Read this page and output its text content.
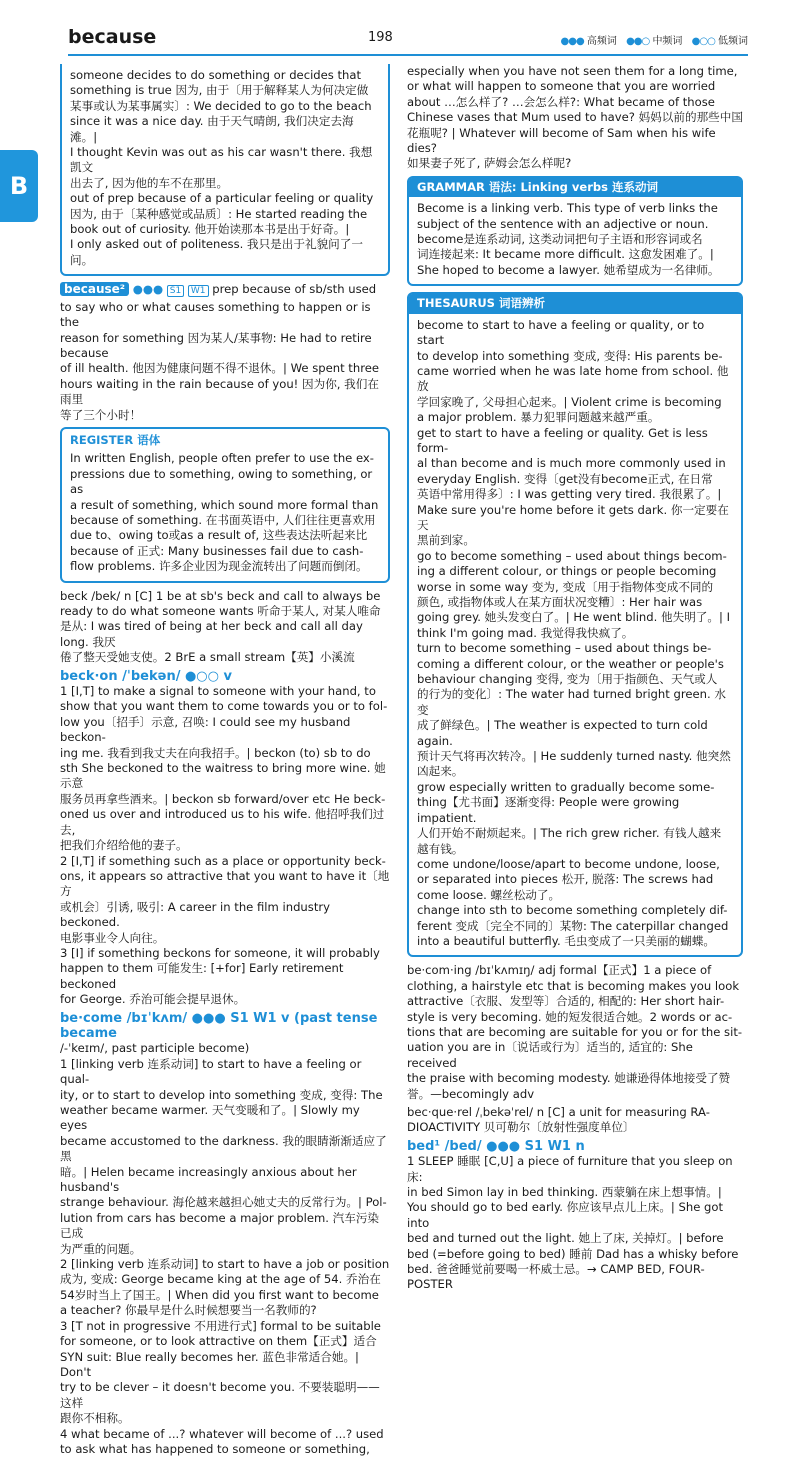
because	198	●●● 高频词 ●●○ 中频词 ●○○ 低频词
B
someone decides to do something or decides that
something is true 因为, 由于〔用于解释某人为何决定做
某事或认为某事属实〕: We decided to go to the beach
since it was a nice day. 由于天气晴朗, 我们决定去海滩。|
I thought Kevin was out as his car wasn't there. 我想凯文
出去了, 因为他的车不在那里。
out of prep because of a particular feeling or quality
因为, 由于〔某种感觉或品质〕: He started reading the
book out of curiosity. 他开始读那本书是出于好奇。|
I only asked out of politeness. 我只是出于礼貌问了一问。
because² ●●● S1 W1 prep because of sb/sth used
to say who or what causes something to happen or is the
reason for something 因为某人/某事物: He had to retire because
of ill health. 他因为健康问题不得不退休。| We spent three
hours waiting in the rain because of you! 因为你, 我们在雨里
等了三个小时！
REGISTER 语体
In written English, people often prefer to use the ex-
pressions due to something, owing to something, or as
a result of something, which sound more formal than
because of something. 在书面英语中, 人们往往更喜欢用
due to、owing to或as a result of, 这些表达法听起来比
because of 正式: Many businesses fail due to cash-
flow problems. 许多企业因为现金流转出了问题而倒闭。
beck /bek/ n [C] 1 be at sb's beck and call to always be
ready to do what someone wants 听命于某人, 对某人唯命
是从: I was tired of being at her beck and call all day long. 我厌
倦了整天受她支使。2 BrE a small stream【英】小溪流
beck·on /ˈbekən/ ●○○ v
1 [I,T] to make a signal to someone with your hand, to
show that you want them to come towards you or to fol-
low you〔招手〕示意, 召唤: I could see my husband beckon-
ing me. 我看到我丈夫在向我招手。| beckon (to) sb to do
sth She beckoned to the waitress to bring more wine. 她示意
服务员再拿些酒来。| beckon sb forward/over etc He beck-
oned us over and introduced us to his wife. 他招呼我们过去,
把我们介绍给他的妻子。
2 [I,T] if something such as a place or opportunity beck-
ons, it appears so attractive that you want to have it〔地方
或机会〕引诱, 吸引: A career in the film industry beckoned.
电影事业令人向往。
3 [I] if something beckons for someone, it will probably
happen to them 可能发生: [+for] Early retirement beckoned
for George. 乔治可能会提早退休。
be·come /bɪˈkʌm/ ●●● S1 W1 v (past tense became
/-ˈkeɪm/, past participle become)
1 [linking verb 连系动词] to start to have a feeling or qual-
ity, or to start to develop into something 变成, 变得: The
weather became warmer. 天气变暖和了。| Slowly my eyes
became accustomed to the darkness. 我的眼睛渐渐适应了黑
暗。| Helen became increasingly anxious about her husband's
strange behaviour. 海伦越来越担心她丈夫的反常行为。| Pol-
lution from cars has become a major problem. 汽车污染已成
为严重的问题。
2 [linking verb 连系动词] to start to have a job or position
成为, 变成: George became king at the age of 54. 乔治在
54岁时当上了国王。| When did you first want to become
a teacher? 你最早是什么时候想要当一名教师的?
3 [T not in progressive 不用进行式] formal to be suitable
for someone, or to look attractive on them【正式】适合
SYN suit: Blue really becomes her. 蓝色非常适合她。| Don't
try to be clever – it doesn't become you. 不要装聪明——这样
跟你不相称。
4 what became of ...? whatever will become of ...? used
to ask what has happened to someone or something,
especially when you have not seen them for a long time,
or what will happen to someone that you are worried
about …怎么样了? …会怎么样?: What became of those
Chinese vases that Mum used to have? 妈妈以前的那些中国
花瓶呢? | Whatever will become of Sam when his wife dies?
如果妻子死了, 萨姆会怎么样呢?
GRAMMAR 语法: Linking verbs 连系动词
Become is a linking verb. This type of verb links the
subject of the sentence with an adjective or noun.
become是连系动词, 这类动词把句子主语和形容词或名
词连接起来: It became more difficult. 这愈发困难了。|
She hoped to become a lawyer. 她希望成为一名律师。
THESAURUS 词语辨析
become to start to have a feeling or quality, or to start
to develop into something 变成, 变得: His parents be-
came worried when he was late home from school. 他放
学回家晚了, 父母担心起来。| Violent crime is becoming
a major problem. 暴力犯罪问题越来越严重。
get to start to have a feeling or quality. Get is less form-
al than become and is much more commonly used in
everyday English. 变得〔get没有become正式, 在日常
英语中常用得多〕: I was getting very tired. 我很累了。|
Make sure you're home before it gets dark. 你一定要在天
黑前到家。
go to become something – used about things becom-
ing a different colour, or things or people becoming
worse in some way 变为, 变成〔用于指物体变成不同的
颜色, 或指物体或人在某方面状况变糟〕: Her hair was
going grey. 她头发变白了。| He went blind. 他失明了。| I
think I'm going mad. 我觉得我快疯了。
turn to become something – used about things be-
coming a different colour, or the weather or people's
behaviour changing 变得, 变为〔用于指颜色、天气或人
的行为的变化〕: The water had turned bright green. 水变
成了鲜绿色。| The weather is expected to turn cold again.
预计天气将再次转冷。| He suddenly turned nasty. 他突然
凶起来。
grow especially written to gradually become some-
thing【尤书面】逐渐变得: People were growing impatient.
人们开始不耐烦起来。| The rich grew richer. 有钱人越来
越有钱。
come undone/loose/apart to become undone, loose,
or separated into pieces 松开, 脱落: The screws had
come loose. 螺丝松动了。
change into sth to become something completely dif-
ferent 变成〔完全不同的〕某物: The caterpillar changed
into a beautiful butterfly. 毛虫变成了一只美丽的蝴蝶。
be·com·ing /bɪˈkʌmɪŋ/ adj formal【正式】1 a piece of
clothing, a hairstyle etc that is becoming makes you look
attractive〔衣服、发型等〕合适的, 相配的: Her short hair-
style is very becoming. 她的短发很适合她。2 words or ac-
tions that are becoming are suitable for you or for the sit-
uation you are in〔说话或行为〕适当的, 适宜的: She received
the praise with becoming modesty. 她谦逊得体地接受了赞
誉。—becomingly adv
bec·que·rel /ˌbekəˈrel/ n [C] a unit for measuring RA-
DIOACTIVITY 贝可勒尔〔放射性强度单位〕
bed¹ /bed/ ●●● S1 W1 n
1 SLEEP 睡眠 [C,U] a piece of furniture that you sleep on 床:
in bed Simon lay in bed thinking. 西蒙躺在床上想事情。|
You should go to bed early. 你应该早点儿上床。| She got into
bed and turned out the light. 她上了床, 关掉灯。| before
bed (=before going to bed) 睡前 Dad has a whisky before
bed. 爸爸睡觉前要喝一杯威士忌。→ CAMP BED, FOUR-POSTER
